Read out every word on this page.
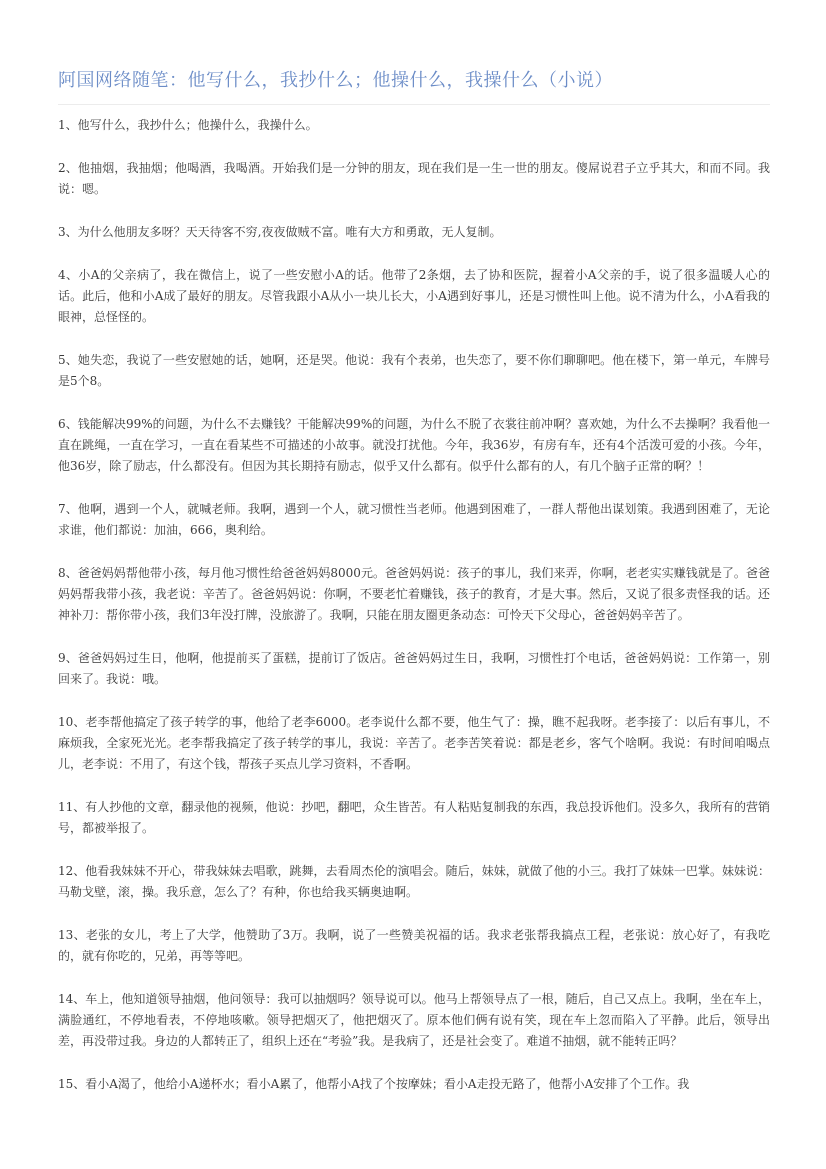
阿国网络随笔：他写什么，我抄什么；他操什么，我操什么（小说）

1、他写什么，我抄什么；他操什么，我操什么。

2、他抽烟，我抽烟；他喝酒，我喝酒。开始我们是一分钟的朋友，现在我们是一生一世的朋友。傻屌说君子立乎其大，和而不同。我说：嗯。

3、为什么他朋友多呀？天天待客不穷,夜夜做贼不富。唯有大方和勇敢，无人复制。

4、小A的父亲病了，我在微信上，说了一些安慰小A的话。他带了2条烟，去了协和医院，握着小A父亲的手，说了很多温暖人心的话。此后，他和小A成了最好的朋友。尽管我跟小A从小一块儿长大，小A遇到好事儿，还是习惯性叫上他。说不清为什么，小A看我的眼神，总怪怪的。

5、她失恋，我说了一些安慰她的话，她啊，还是哭。他说：我有个表弟，也失恋了，要不你们聊聊吧。他在楼下，第一单元，车牌号是5个8。

6、钱能解决99%的问题，为什么不去赚钱？干能解决99%的问题，为什么不脱了衣裳往前冲啊？喜欢她，为什么不去操啊？我看他一直在跳绳，一直在学习，一直在看某些不可描述的小故事。就没打扰他。今年，我36岁，有房有车，还有4个活泼可爱的小孩。今年，他36岁，除了励志，什么都没有。但因为其长期持有励志，似乎又什么都有。似乎什么都有的人，有几个脑子正常的啊？！

7、他啊，遇到一个人，就喊老师。我啊，遇到一个人，就习惯性当老师。他遇到困难了，一群人帮他出谋划策。我遇到困难了，无论求谁，他们都说：加油，666，奥利给。

8、爸爸妈妈帮他带小孩，每月他习惯性给爸爸妈妈8000元。爸爸妈妈说：孩子的事儿，我们来弄，你啊，老老实实赚钱就是了。爸爸妈妈帮我带小孩，我老说：辛苦了。爸爸妈妈说：你啊，不要老忙着赚钱，孩子的教育，才是大事。然后，又说了很多责怪我的话。还神补刀：帮你带小孩，我们3年没打牌，没旅游了。我啊，只能在朋友圈更条动态：可怜天下父母心，爸爸妈妈辛苦了。

9、爸爸妈妈过生日，他啊，他提前买了蛋糕，提前订了饭店。爸爸妈妈过生日，我啊，习惯性打个电话，爸爸妈妈说：工作第一，别回来了。我说：哦。

10、老李帮他搞定了孩子转学的事，他给了老李6000。老李说什么都不要，他生气了：操，瞧不起我呀。老李接了：以后有事儿，不麻烦我，全家死光光。老李帮我搞定了孩子转学的事儿，我说：辛苦了。老李苦笑着说：都是老乡，客气个啥啊。我说：有时间咱喝点儿，老李说：不用了，有这个钱，帮孩子买点儿学习资料，不香啊。

11、有人抄他的文章，翻录他的视频，他说：抄吧，翻吧，众生皆苦。有人粘贴复制我的东西，我总投诉他们。没多久，我所有的营销号，都被举报了。

12、他看我妹妹不开心，带我妹妹去唱歌，跳舞，去看周杰伦的演唱会。随后，妹妹，就做了他的小三。我打了妹妹一巴掌。妹妹说：马勒戈壁，滚，操。我乐意，怎么了？有种，你也给我买辆奥迪啊。

13、老张的女儿，考上了大学，他赞助了3万。我啊，说了一些赞美祝福的话。我求老张帮我搞点工程，老张说：放心好了，有我吃的，就有你吃的，兄弟，再等等吧。

14、车上，他知道领导抽烟，他问领导：我可以抽烟吗？领导说可以。他马上帮领导点了一根，随后，自己又点上。我啊，坐在车上，满脸通红，不停地看表，不停地咳嗽。领导把烟灭了，他把烟灭了。原本他们俩有说有笑，现在车上忽而陷入了平静。此后，领导出差，再没带过我。身边的人都转正了，组织上还在“考验”我。是我病了，还是社会变了。难道不抽烟，就不能转正吗？

15、看小A渴了，他给小A递杯水；看小A累了，他帮小A找了个按摩妹；看小A走投无路了，他帮小A安排了个工作。我
